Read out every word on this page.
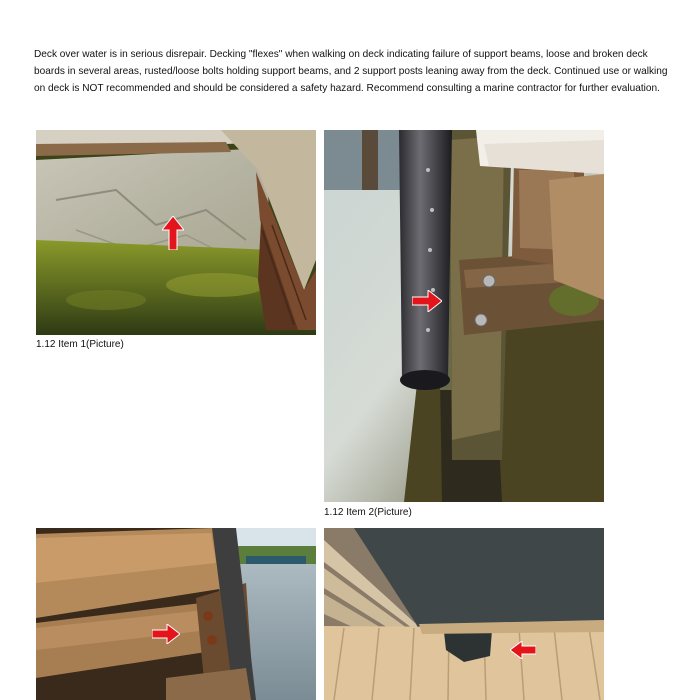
Deck over water is in serious disrepair. Decking "flexes" when walking on deck indicating failure of support beams, loose and broken deck boards in several areas, rusted/loose bolts holding support beams, and 2 support posts leaning away from the deck. Continued use or walking on deck is NOT recommended and should be considered a safety hazard. Recommend consulting a marine contractor for further evaluation.

1.12 Item 1(Picture)

1.12 Item 2(Picture)
